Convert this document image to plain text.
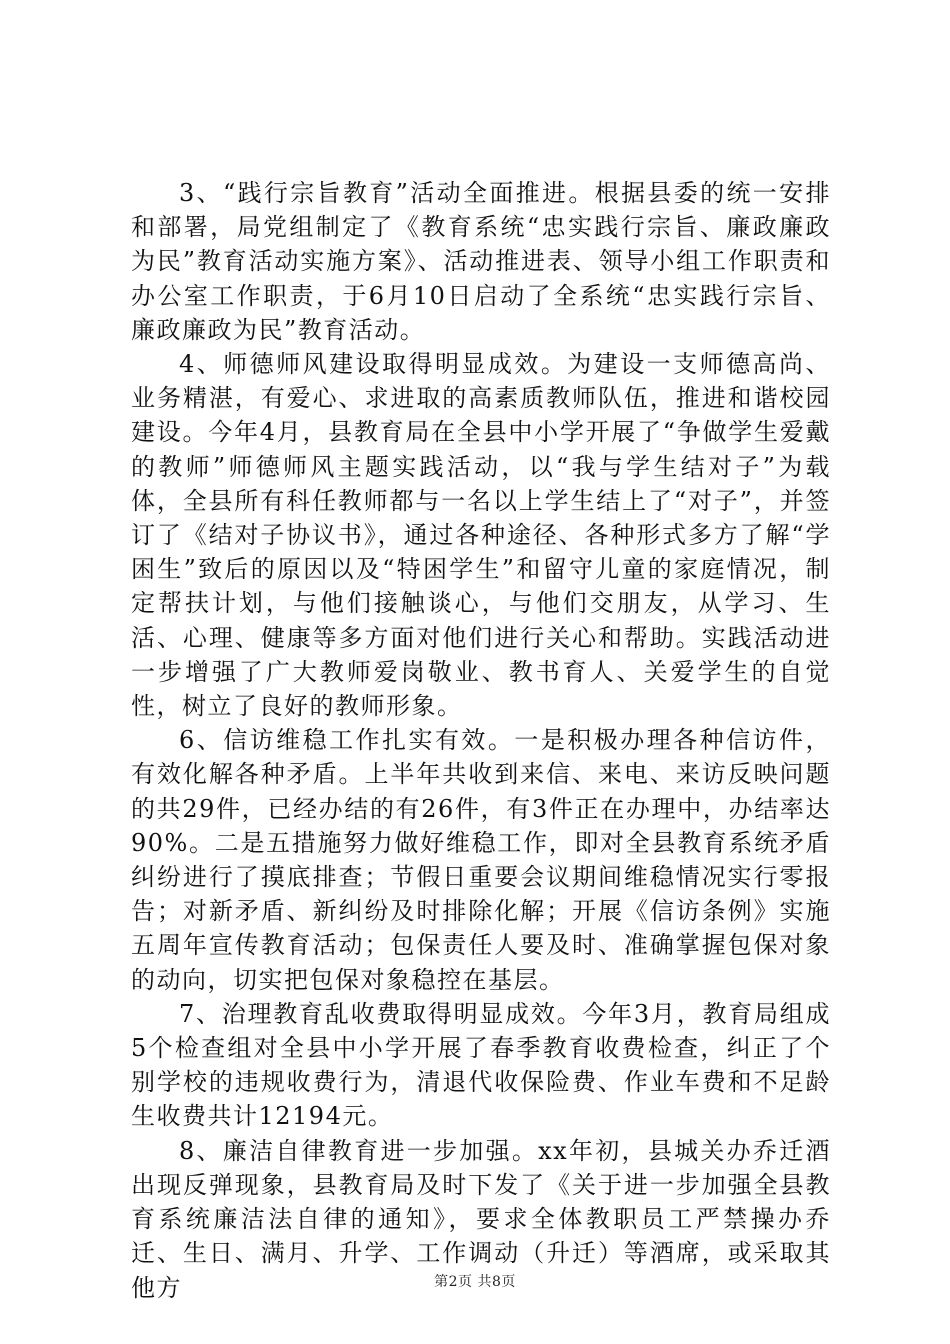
3、“践行宗旨教育”活动全面推进。根据县委的统一安排和部署，局党组制定了《教育系统“忠实践行宗旨、廉政廉政为民”教育活动实施方案》、活动推进表、领导小组工作职责和办公室工作职责，于6月10日启动了全系统“忠实践行宗旨、廉政廉政为民”教育活动。

4、师德师风建设取得明显成效。为建设一支师德高尚、业务精湛，有爱心、求进取的高素质教师队伍，推进和谐校园建设。今年4月，县教育局在全县中小学开展了“争做学生爱戴的教师”师德师风主题实践活动，以“我与学生结对子”为载体，全县所有科任教师都与一名以上学生结上了“对子”，并签订了《结对子协议书》，通过各种途径、各种形式多方了解“学困生”致后的原因以及“特困学生”和留守儿童的家庭情况，制定帮扶计划，与他们接触谈心，与他们交朋友，从学习、生活、心理、健康等多方面对他们进行关心和帮助。实践活动进一步增强了广大教师爱岗敬业、教书育人、关爱学生的自觉性，树立了良好的教师形象。

6、信访维稳工作扎实有效。一是积极办理各种信访件，有效化解各种矛盾。上半年共收到来信、来电、来访反映问题的共29件，已经办结的有26件，有3件正在办理中，办结率达90%。二是五措施努力做好维稳工作，即对全县教育系统矛盾纠纷进行了摸底排查；节假日重要会议期间维稳情况实行零报告；对新矛盾、新纠纷及时排除化解；开展《信访条例》实施五周年宣传教育活动；包保责任人要及时、准确掌握包保对象的动向，切实把包保对象稳控在基层。

7、治理教育乱收费取得明显成效。今年3月，教育局组成5个检查组对全县中小学开展了春季教育收费检查，纠正了个别学校的违规收费行为，清退代收保险费、作业车费和不足龄生收费共计12194元。

8、廉洁自律教育进一步加强。xx年初，县城关办乔迁酒出现反弹现象，县教育局及时下发了《关于进一步加强全县教育系统廉洁法自律的通知》，要求全体教职员工严禁操办乔迁、生日、满月、升学、工作调动（升迁）等酒席，或采取其他方	第2页 共8页
